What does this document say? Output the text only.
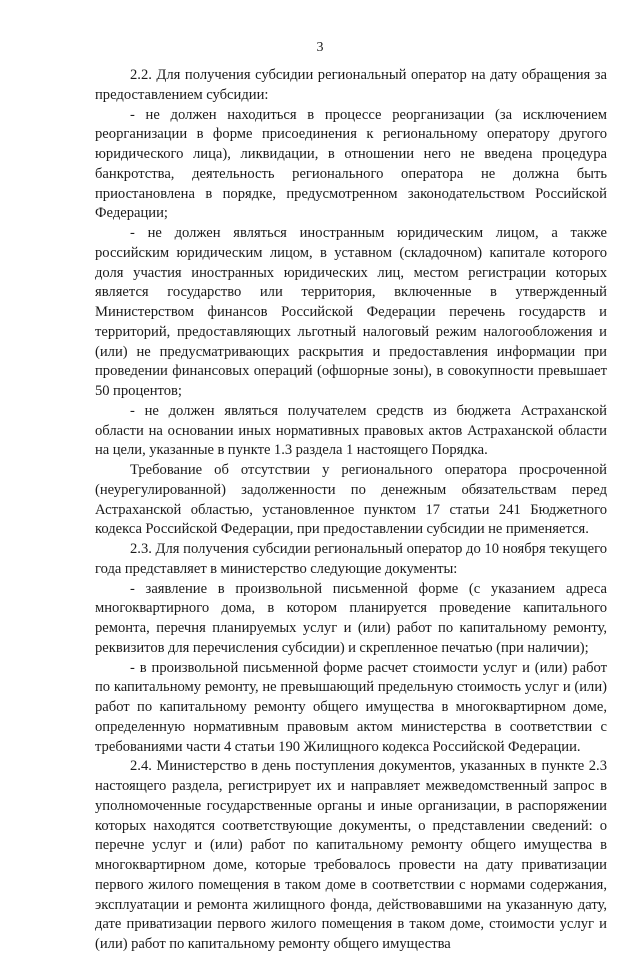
3

2.2. Для получения субсидии региональный оператор на дату обращения за предоставлением субсидии:

- не должен находиться в процессе реорганизации (за исключением реорганизации в форме присоединения к региональному оператору другого юридического лица), ликвидации, в отношении него не введена процедура банкротства, деятельность регионального оператора не должна быть приостановлена в порядке, предусмотренном законодательством Российской Федерации;

- не должен являться иностранным юридическим лицом, а также российским юридическим лицом, в уставном (складочном) капитале которого доля участия иностранных юридических лиц, местом регистрации которых является государство или территория, включенные в утвержденный Министерством финансов Российской Федерации перечень государств и территорий, предоставляющих льготный налоговый режим налогообложения и (или) не предусматривающих раскрытия и предоставления информации при проведении финансовых операций (офшорные зоны), в совокупности превышает 50 процентов;

- не должен являться получателем средств из бюджета Астраханской области на основании иных нормативных правовых актов Астраханской области на цели, указанные в пункте 1.3 раздела 1 настоящего Порядка.

Требование об отсутствии у регионального оператора просроченной (неурегулированной) задолженности по денежным обязательствам перед Астраханской областью, установленное пунктом 17 статьи 241 Бюджетного кодекса Российской Федерации, при предоставлении субсидии не применяется.

2.3. Для получения субсидии региональный оператор до 10 ноября текущего года представляет в министерство следующие документы:

- заявление в произвольной письменной форме (с указанием адреса многоквартирного дома, в котором планируется проведение капитального ремонта, перечня планируемых услуг и (или) работ по капитальному ремонту, реквизитов для перечисления субсидии) и скрепленное печатью (при наличии);

- в произвольной письменной форме расчет стоимости услуг и (или) работ по капитальному ремонту, не превышающий предельную стоимость услуг и (или) работ по капитальному ремонту общего имущества в многоквартирном доме, определенную нормативным правовым актом министерства в соответствии с требованиями части 4 статьи 190 Жилищного кодекса Российской Федерации.

2.4. Министерство в день поступления документов, указанных в пункте 2.3 настоящего раздела, регистрирует их и направляет межведомственный запрос в уполномоченные государственные органы и иные организации, в распоряжении которых находятся соответствующие документы, о представлении сведений: о перечне услуг и (или) работ по капитальному ремонту общего имущества в многоквартирном доме, которые требовалось провести на дату приватизации первого жилого помещения в таком доме в соответствии с нормами содержания, эксплуатации и ремонта жилищного фонда, действовавшими на указанную дату, дате приватизации первого жилого помещения в таком доме, стоимости услуг и (или) работ по капитальному ремонту общего имущества
